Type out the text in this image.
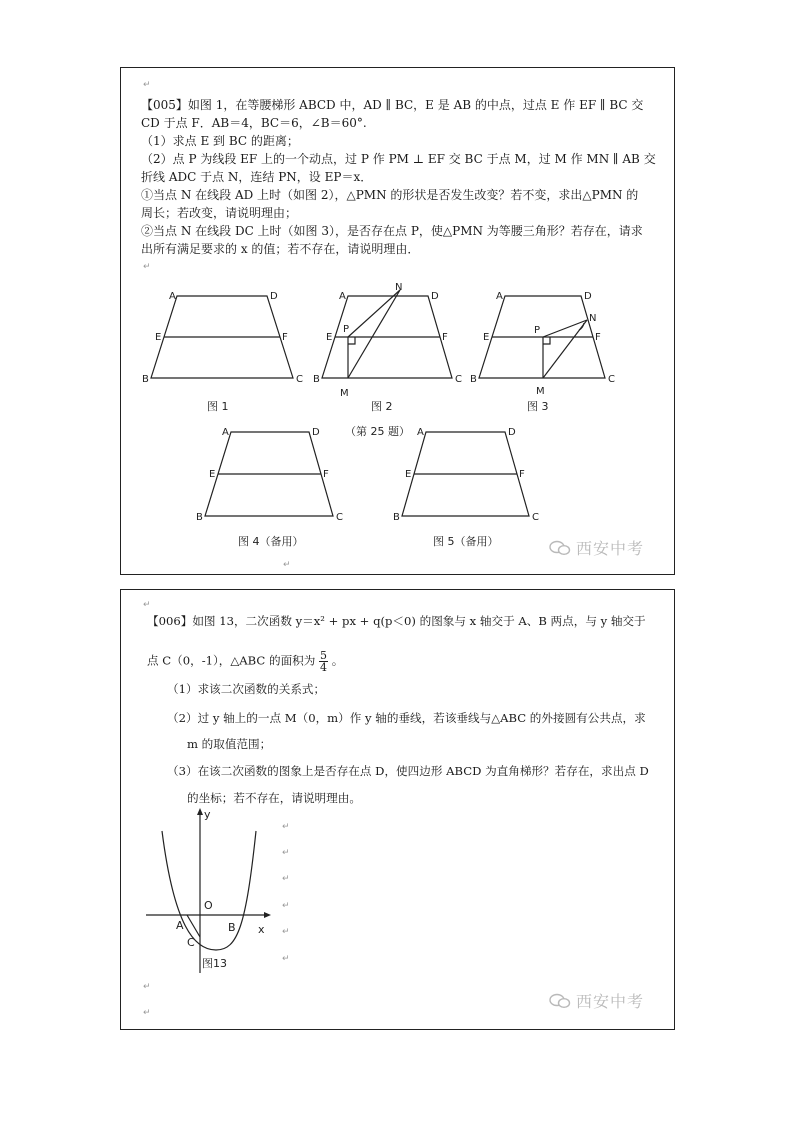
↵
【005】如图 1，在等腰梯形 ABCD 中，AD ∥ BC，E 是 AB 的中点，过点 E 作 EF ∥ BC 交
CD 于点 F．AB＝4，BC＝6，∠B＝60°.
（1）求点 E 到 BC 的距离；
（2）点 P 为线段 EF 上的一个动点，过 P 作 PM ⊥ EF 交 BC 于点 M，过 M 作 MN ∥ AB 交
折线 ADC 于点 N，连结 PN，设 EP＝x．
①当点 N 在线段 AD 上时（如图 2），△PMN 的形状是否发生改变？若不变，求出△PMN 的
周长；若改变，请说明理由；
②当点 N 在线段 DC 上时（如图 3），是否存在点 P，使△PMN 为等腰三角形？若存在，请求
出所有满足要求的 x 的值；若不存在，请说明理由．
↵
A	D
E	F
B	C
图 1
A	D
N
E
P
F
B	C
M
图 2
A	D
N
E
P
F
B	C
M
图 3
（第 25 题）
A	D
E	F
B	C
图 4（备用）
A	D
E	F
B	C
图 5（备用）	西安中考
↵
↵
【006】如图 13，二次函数 y＝x² + px + q(p＜0) 的图象与 x 轴交于 A、B 两点，与 y 轴交于
点 C（0，-1），△ABC 的面积为 $\frac{5}{4}$ 。
（1）求该二次函数的关系式；
（2）过 y 轴上的一点 M（0，m）作 y 轴的垂线，若该垂线与△ABC 的外接圆有公共点，求
m 的取值范围；
（3）在该二次函数的图象上是否存在点 D，使四边形 ABCD 为直角梯形？若存在，求出点 D
的坐标；若不存在，请说明理由。
↵
↵
↵
↵
↵
↵
↵
↵
y
x
O
A	B
C
图13
西安中考
